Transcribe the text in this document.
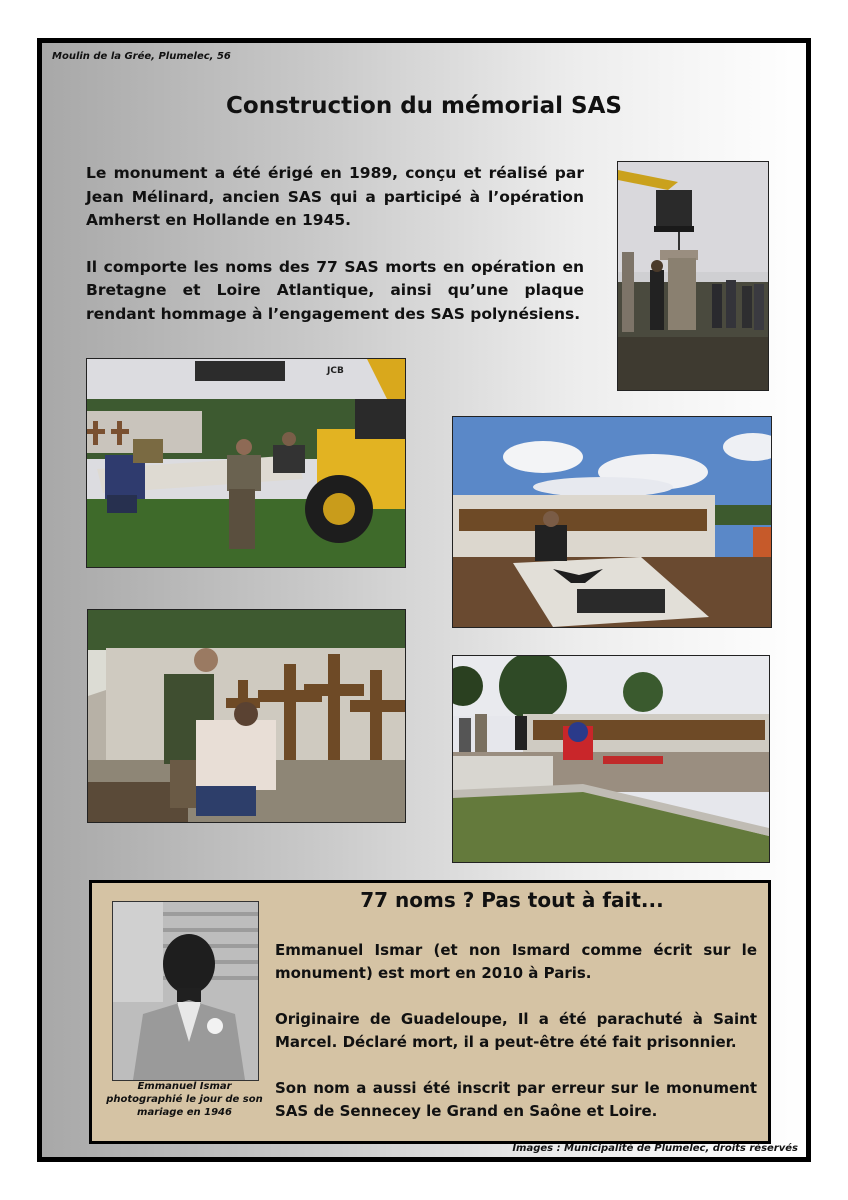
Moulin de la Grée, Plumelec, 56
Construction du mémorial SAS

Le monument a été érigé en 1989, conçu et réalisé par Jean Mélinard, ancien SAS qui a participé à l’opération Amherst en Hollande en 1945.

Il comporte les noms des 77 SAS morts en opération en Bretagne et Loire Atlantique, ainsi qu’une plaque rendant hommage à l’engagement des SAS polynésiens.

JCB
Emmanuel Ismar photographié le jour de son mariage en 1946
77 noms ? Pas tout à fait...

Emmanuel Ismar (et non Ismard comme écrit sur le monument) est mort en 2010 à Paris.

Originaire de Guadeloupe, Il a été parachuté à Saint Marcel. Déclaré mort, il a peut-être été fait prisonnier.

Son nom a aussi été inscrit par erreur sur le monument SAS de Sennecey le Grand en Saône et Loire.

Images : Municipalité de Plumelec, droits réservés
